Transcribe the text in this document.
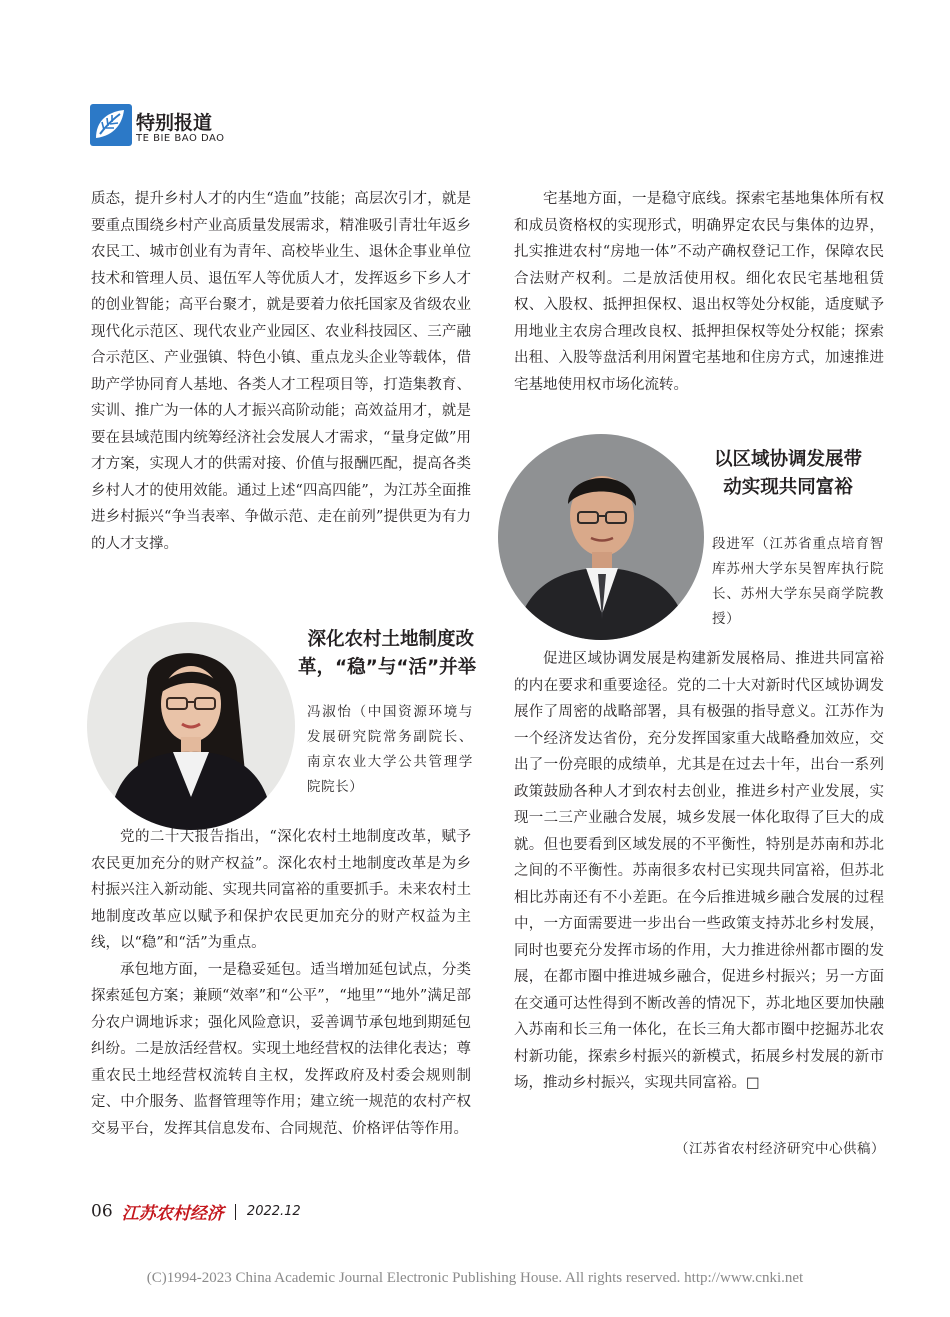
特别报道
TE BIE BAO DAO

质态，提升乡村人才的内生“造血”技能；高层次引才，就是要重点围绕乡村产业高质量发展需求，精准吸引青壮年返乡农民工、城市创业有为青年、高校毕业生、退休企事业单位技术和管理人员、退伍军人等优质人才，发挥返乡下乡人才的创业智能；高平台聚才，就是要着力依托国家及省级农业现代化示范区、现代农业产业园区、农业科技园区、三产融合示范区、产业强镇、特色小镇、重点龙头企业等载体，借助产学协同育人基地、各类人才工程项目等，打造集教育、实训、推广为一体的人才振兴高阶动能；高效益用才，就是要在县域范围内统筹经济社会发展人才需求，“量身定做”用才方案，实现人才的供需对接、价值与报酬匹配，提高各类乡村人才的使用效能。通过上述“四高四能”，为江苏全面推进乡村振兴“争当表率、争做示范、走在前列”提供更为有力的人才支撑。

深化农村土地制度改
革，“稳”与“活”并举
冯淑怡（中国资源环境与发展研究院常务副院长、南京农业大学公共管理学院院长）

党的二十大报告指出，“深化农村土地制度改革，赋予农民更加充分的财产权益”。深化农村土地制度改革是为乡村振兴注入新动能、实现共同富裕的重要抓手。未来农村土地制度改革应以赋予和保护农民更加充分的财产权益为主线，以“稳”和“活”为重点。

承包地方面，一是稳妥延包。适当增加延包试点，分类探索延包方案；兼顾“效率”和“公平”，“地里”“地外”满足部分农户调地诉求；强化风险意识，妥善调节承包地到期延包纠纷。二是放活经营权。实现土地经营权的法律化表达；尊重农民土地经营权流转自主权，发挥政府及村委会规则制定、中介服务、监督管理等作用；建立统一规范的农村产权交易平台，发挥其信息发布、合同规范、价格评估等作用。

宅基地方面，一是稳守底线。探索宅基地集体所有权和成员资格权的实现形式，明确界定农民与集体的边界，扎实推进农村“房地一体”不动产确权登记工作，保障农民合法财产权利。二是放活使用权。细化农民宅基地租赁权、入股权、抵押担保权、退出权等处分权能，适度赋予用地业主农房合理改良权、抵押担保权等处分权能；探索出租、入股等盘活利用闲置宅基地和住房方式，加速推进宅基地使用权市场化流转。

以区域协调发展带
动实现共同富裕
段进军（江苏省重点培育智库苏州大学东吴智库执行院长、苏州大学东吴商学院教授）

促进区域协调发展是构建新发展格局、推进共同富裕的内在要求和重要途径。党的二十大对新时代区域协调发展作了周密的战略部署，具有极强的指导意义。江苏作为一个经济发达省份，充分发挥国家重大战略叠加效应，交出了一份亮眼的成绩单，尤其是在过去十年，出台一系列政策鼓励各种人才到农村去创业，推进乡村产业发展，实现一二三产业融合发展，城乡发展一体化取得了巨大的成就。但也要看到区域发展的不平衡性，特别是苏南和苏北之间的不平衡性。苏南很多农村已实现共同富裕，但苏北相比苏南还有不小差距。在今后推进城乡融合发展的过程中，一方面需要进一步出台一些政策支持苏北乡村发展，同时也要充分发挥市场的作用，大力推进徐州都市圈的发展，在都市圈中推进城乡融合，促进乡村振兴；另一方面在交通可达性得到不断改善的情况下，苏北地区要加快融入苏南和长三角一体化，在长三角大都市圈中挖掘苏北农村新功能，探索乡村振兴的新模式，拓展乡村发展的新市场，推动乡村振兴，实现共同富裕。□

（江苏省农村经济研究中心供稿）
06 江苏农村经济 2022.12
(C)1994-2023 China Academic Journal Electronic Publishing House. All rights reserved. http://www.cnki.net
